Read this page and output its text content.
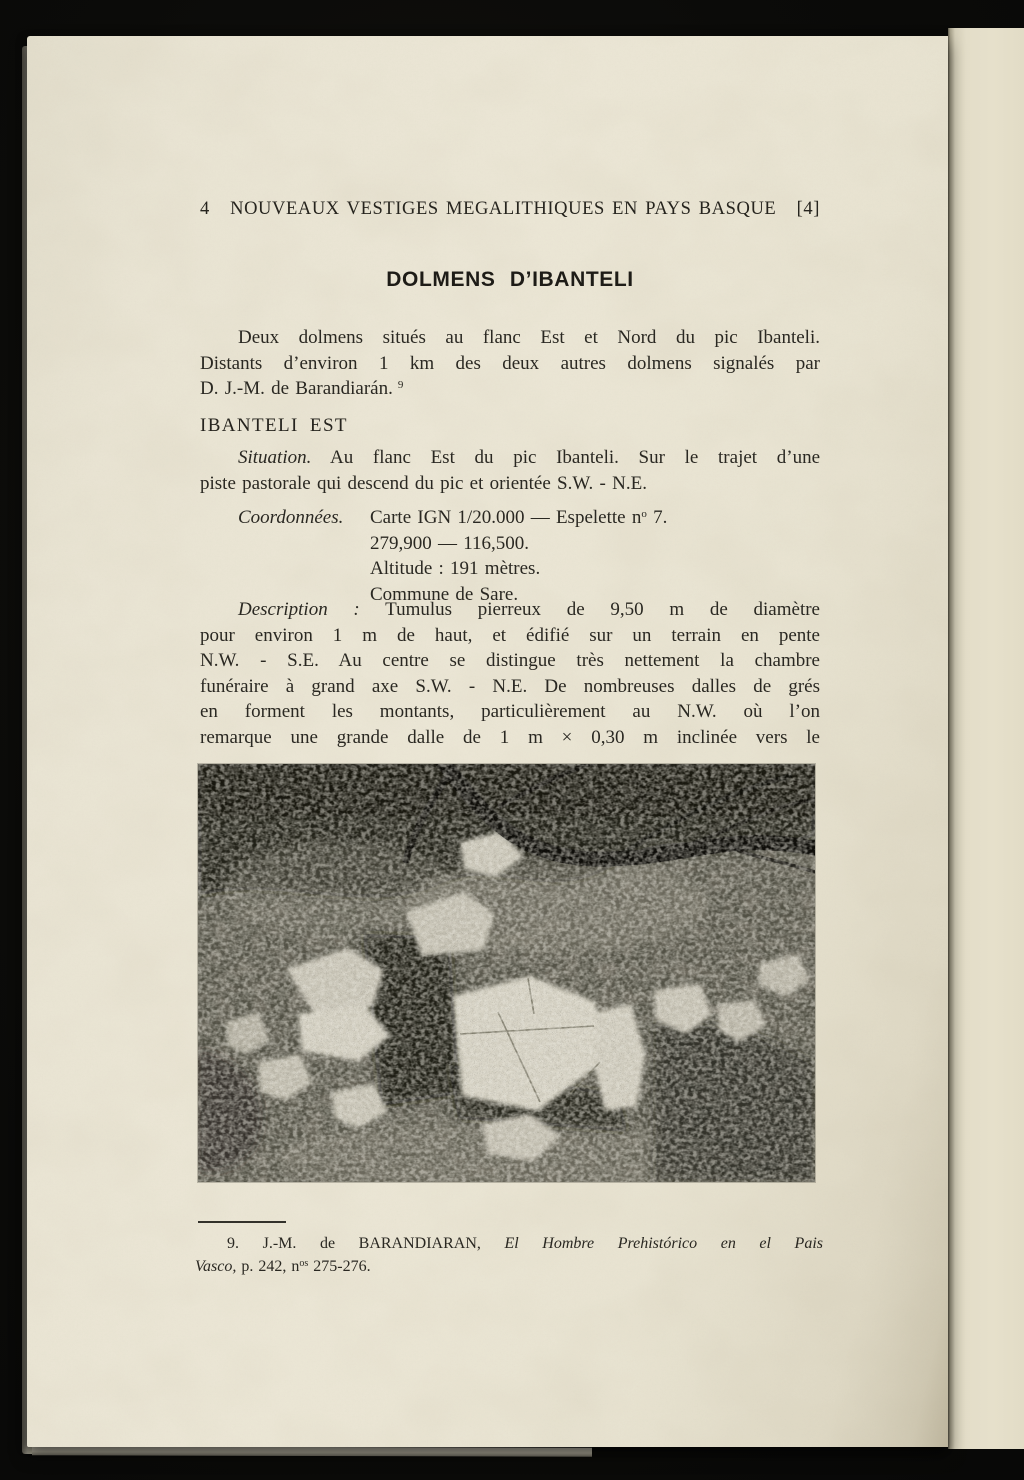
4	NOUVEAUX VESTIGES MEGALITHIQUES EN PAYS BASQUE	[4]
DOLMENS D’IBANTELI
Deux dolmens situés au flanc Est et Nord du pic Ibanteli.
Distants d’environ 1 km des deux autres dolmens signalés par
D. J.-M. de Barandiarán. $^9$
IBANTELI EST
Situation. Au flanc Est du pic Ibanteli. Sur le trajet d’une
piste pastorale qui descend du pic et orientée S.W. - N.E.
Coordonnées. Carte IGN 1/20.000 — Espelette $n^o$ 7.
279,900 — 116,500.
Altitude : 191 mètres.
Commune de Sare.
Description : Tumulus pierreux de 9,50 m de diamètre
pour environ 1 m de haut, et édifié sur un terrain en pente
N.W. - S.E. Au centre se distingue très nettement la chambre
funéraire à grand axe S.W. - N.E. De nombreuses dalles de grés
en forment les montants, particulièrement au N.W. où l’on
remarque une grande dalle de 1 m × 0,30 m inclinée vers le
9. J.-M. de BARANDIARAN, El Hombre Prehistórico en el Pais
Vasco, p. 242, n$^{os}$ 275-276.
